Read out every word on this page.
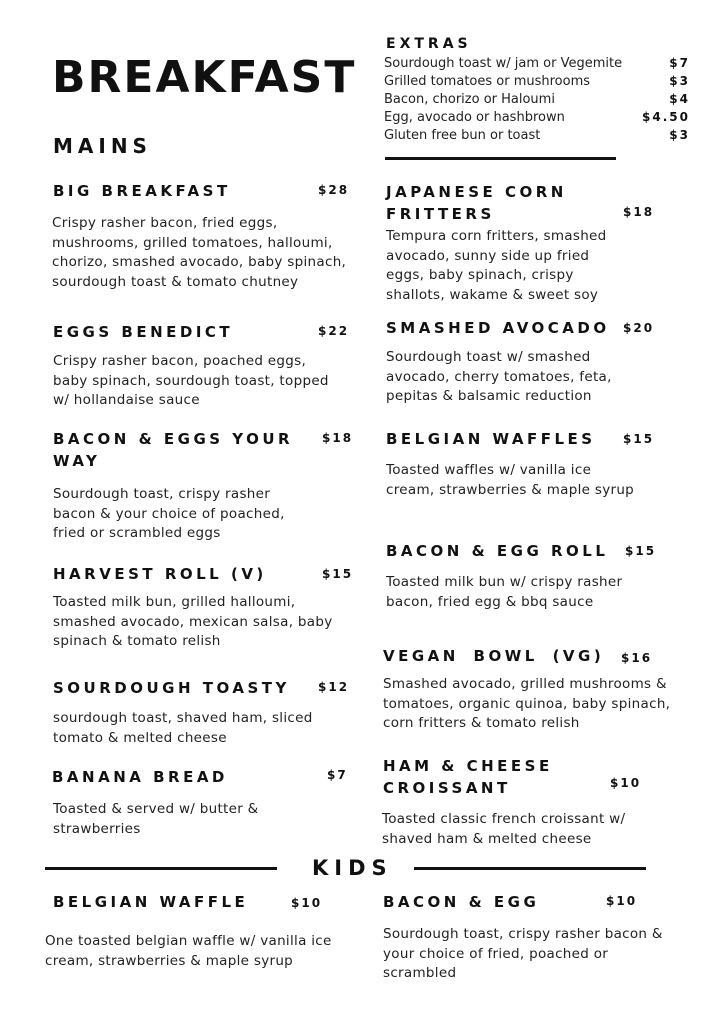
BREAKFAST
EXTRAS
Sourdough toast w/ jam or Vegemite	$7
Grilled tomatoes or mushrooms	$3
Bacon, chorizo or Haloumi	$4
Egg, avocado or hashbrown	$4.50
Gluten free bun or toast	$3
MAINS
BIG BREAKFAST	$28
Crispy rasher bacon, fried eggs, mushrooms, grilled tomatoes, halloumi, chorizo, smashed avocado, baby spinach, sourdough toast & tomato chutney
EGGS BENEDICT	$22
Crispy rasher bacon, poached eggs, baby spinach, sourdough toast, topped w/ hollandaise sauce
BACON & EGGS YOUR WAY
$18
Sourdough toast, crispy rasher bacon & your choice of poached, fried or scrambled eggs
HARVEST ROLL (V)	$15
Toasted milk bun, grilled halloumi, smashed avocado, mexican salsa, baby spinach & tomato relish
SOURDOUGH TOASTY	$12
sourdough toast, shaved ham, sliced tomato & melted cheese
BANANA BREAD	$7
Toasted & served w/ butter & strawberries
JAPANESE CORN FRITTERS	$18
Tempura corn fritters, smashed avocado, sunny side up fried eggs, baby spinach, crispy shallots, wakame & sweet soy
SMASHED AVOCADO	$20
Sourdough toast w/ smashed avocado, cherry tomatoes, feta, pepitas & balsamic reduction
BELGIAN WAFFLES	$15
Toasted waffles w/ vanilla ice cream, strawberries & maple syrup
BACON & EGG ROLL	$15
Toasted milk bun w/ crispy rasher bacon, fried egg & bbq sauce
VEGAN BOWL (VG)	$16
Smashed avocado, grilled mushrooms & tomatoes, organic quinoa, baby spinach, corn fritters & tomato relish
HAM & CHEESE CROISSANT	$10
Toasted classic french croissant w/ shaved ham & melted cheese
KIDS
BELGIAN WAFFLE	$10
One toasted belgian waffle w/ vanilla ice cream, strawberries & maple syrup
BACON & EGG	$10
Sourdough toast, crispy rasher bacon & your choice of fried, poached or scrambled
